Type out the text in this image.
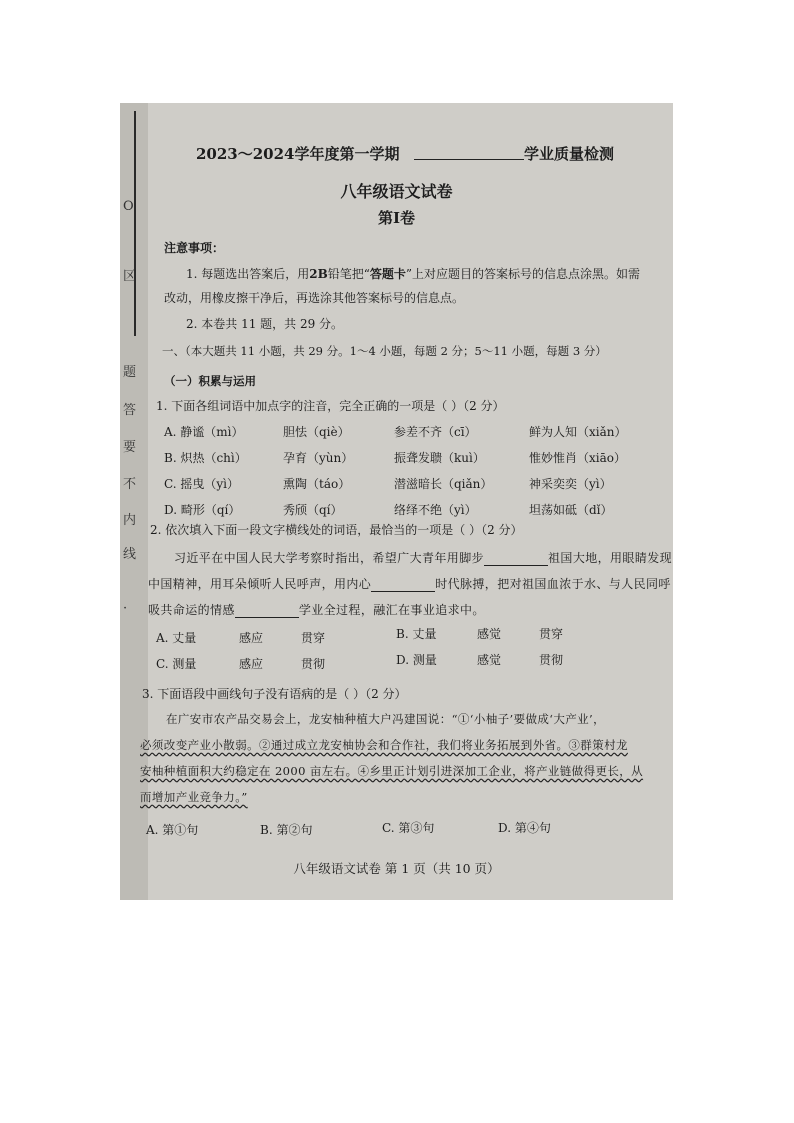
O
区
题
答
要
不
内
线
·
2023～2024学年度第一学期	学业质量检测
八年级语文试卷
第Ⅰ卷
注意事项：
1. 每题选出答案后，用2B铅笔把“答题卡”上对应题目的答案标号的信息点涂黑。如需
改动，用橡皮擦干净后，再选涂其他答案标号的信息点。
2. 本卷共 11 题，共 29 分。
一、（本大题共 11 小题，共 29 分。1～4 小题，每题 2 分；5～11 小题，每题 3 分）
（一）积累与运用
1. 下面各组词语中加点字的注音，完全正确的一项是（ ）（2 分）
A. 静谧（mì）	胆怯（qiè）	参差不齐（cī）	鲜为人知（xiǎn）
B. 炽热（chì）	孕育（yùn）	振聋发聩（kuì）	惟妙惟肖（xiāo）
C. 摇曳（yì）	熏陶（táo）	潜滋暗长（qiǎn）	神采奕奕（yì）
D. 畸形（qí）	秀颀（qí）	络绎不绝（yì）	坦荡如砥（dǐ）
2. 依次填入下面一段文字横线处的词语，最恰当的一项是（ ）（2 分）
习近平在中国人民大学考察时指出，希望广大青年用脚步	祖国大地，用眼睛发现
中国精神，用耳朵倾听人民呼声，用内心	时代脉搏，把对祖国血浓于水、与人民同呼
吸共命运的情感	学业全过程，融汇在事业追求中。
A. 丈量	感应	贯穿	B. 丈量	感觉	贯穿
C. 测量	感应	贯彻	D. 测量	感觉	贯彻
3. 下面语段中画线句子没有语病的是（ ）（2 分）
在广安市农产品交易会上，龙安柚种植大户冯建国说：“①‘小柚子’要做成‘大产业’，
必须改变产业小散弱。②通过成立龙安柚协会和合作社，我们将业务拓展到外省。③群策村龙
安柚种植面积大约稳定在 2000 亩左右。④乡里正计划引进深加工企业，将产业链做得更长，从
而增加产业竞争力。”
A. 第①句	B. 第②句	C. 第③句	D. 第④句
八年级语文试卷 第 1 页（共 10 页）
